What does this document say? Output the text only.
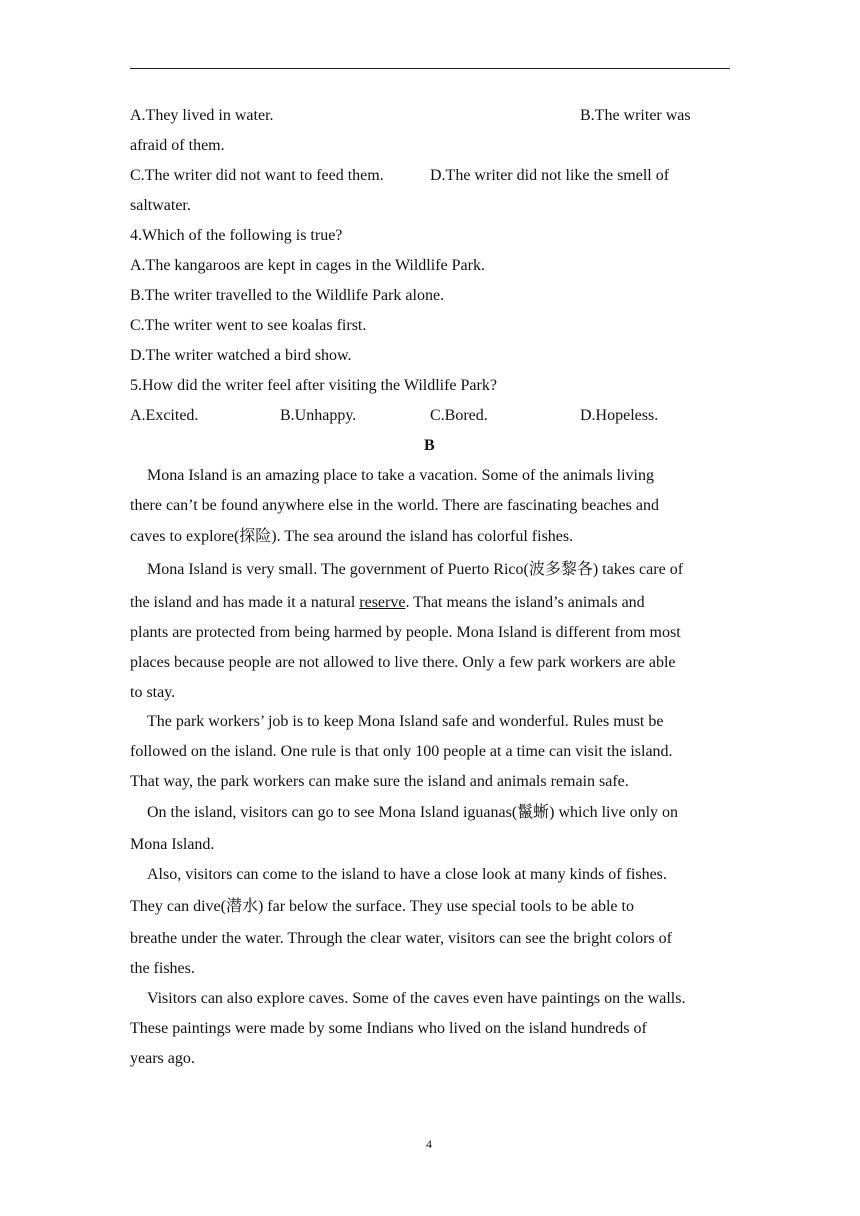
A.They lived in water.	B.The writer was
afraid of them.
C.The writer did not want to feed them.	D.The writer did not like the smell of
saltwater.
4.Which of the following is true?
A.The kangaroos are kept in cages in the Wildlife Park.
B.The writer travelled to the Wildlife Park alone.
C.The writer went to see koalas first.
D.The writer watched a bird show.
5.How did the writer feel after visiting the Wildlife Park?
A.Excited.	B.Unhappy.	C.Bored.	D.Hopeless.
B
Mona Island is an amazing place to take a vacation. Some of the animals living
there can’t be found anywhere else in the world. There are fascinating beaches and
caves to explore(探险). The sea around the island has colorful fishes.
Mona Island is very small. The government of Puerto Rico(波多黎各) takes care of
the island and has made it a natural reserve. That means the island’s animals and
plants are protected from being harmed by people. Mona Island is different from most
places because people are not allowed to live there. Only a few park workers are able
to stay.
The park workers’ job is to keep Mona Island safe and wonderful. Rules must be
followed on the island. One rule is that only 100 people at a time can visit the island.
That way, the park workers can make sure the island and animals remain safe.
On the island, visitors can go to see Mona Island iguanas(鬣蜥) which live only on
Mona Island.
Also, visitors can come to the island to have a close look at many kinds of fishes.
They can dive(潜水) far below the surface. They use special tools to be able to
breathe under the water. Through the clear water, visitors can see the bright colors of
the fishes.
Visitors can also explore caves. Some of the caves even have paintings on the walls.
These paintings were made by some Indians who lived on the island hundreds of
years ago.
4
